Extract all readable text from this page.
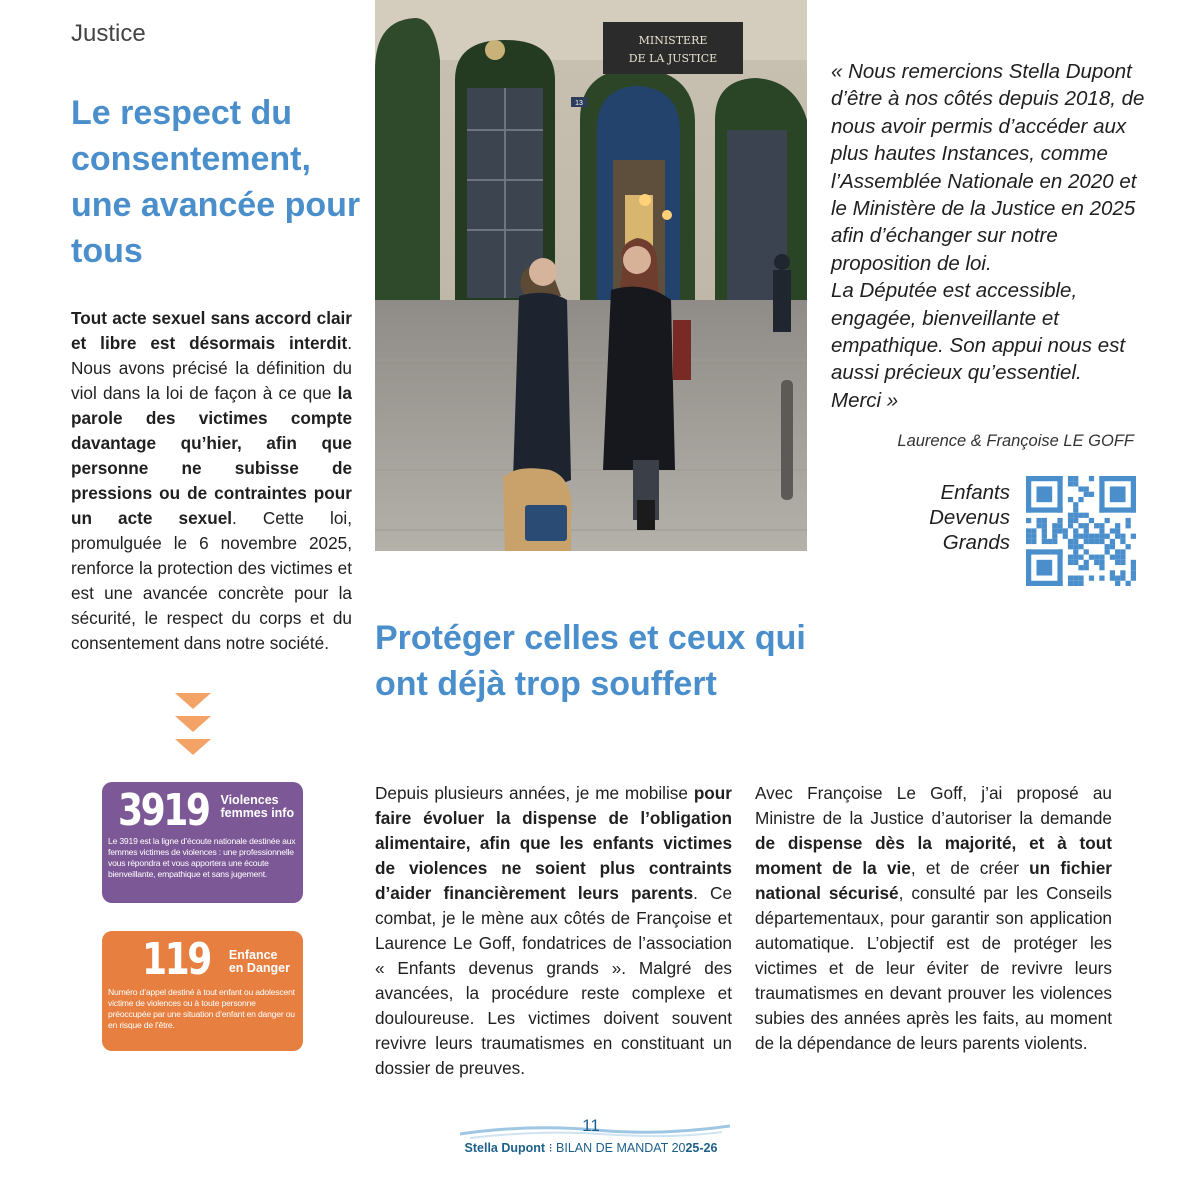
Justice
Le respect du consentement, une avancée pour tous

Tout acte sexuel sans accord clair et libre est désormais interdit. Nous avons précisé la définition du viol dans la loi de façon à ce que la parole des victimes compte davantage qu’hier, afin que personne ne subisse de pressions ou de contraintes pour un acte sexuel. Cette loi, promulguée le 6 novembre 2025, renforce la protection des victimes et est une avancée concrète pour la sécurité, le respect du corps et du consentement dans notre société.

MINISTERE
DE LA JUSTICE
13

« Nous remercions Stella Dupont d’être à nos côtés depuis 2018, de nous avoir permis d’accéder aux plus hautes Instances, comme l’Assemblée Nationale en 2020 et le Ministère de la Justice en 2025 afin d’échanger sur notre proposition de loi.
La Députée est accessible, engagée, bienveillante et empathique. Son appui nous est aussi précieux qu’essentiel.
Merci »

Laurence & Françoise LE GOFF
Enfants
Devenus
Grands
Protéger celles et ceux qui ont déjà trop souffert
3919 Violences
femmes info
Le 3919 est la ligne d’écoute nationale destinée aux femmes victimes de violences : une professionnelle vous répondra et vous apportera une écoute bienveillante, empathique et sans jugement.
119 Enfance
en Danger
Numéro d’appel destiné à tout enfant ou adolescent victime de violences ou à toute personne préoccupée par une situation d’enfant en danger ou en risque de l’être.

Depuis plusieurs années, je me mobilise pour faire évoluer la dispense de l’obligation alimentaire, afin que les enfants victimes de violences ne soient plus contraints d’aider financièrement leurs parents. Ce combat, je le mène aux côtés de Françoise et Laurence Le Goff, fondatrices de l’association « Enfants devenus grands ». Malgré des avancées, la procédure reste complexe et douloureuse. Les victimes doivent souvent revivre leurs traumatismes en constituant un dossier de preuves.

Avec Françoise Le Goff, j’ai proposé au Ministre de la Justice d’autoriser la demande de dispense dès la majorité, et à tout moment de la vie, et de créer un fichier national sécurisé, consulté par les Conseils départementaux, pour garantir son application automatique. L’objectif est de protéger les victimes et de leur éviter de revivre leurs traumatismes en devant prouver les violences subies des années après les faits, au moment de la dépendance de leurs parents violents.

11
Stella Dupont ⁝ BILAN DE MANDAT 2025-26
